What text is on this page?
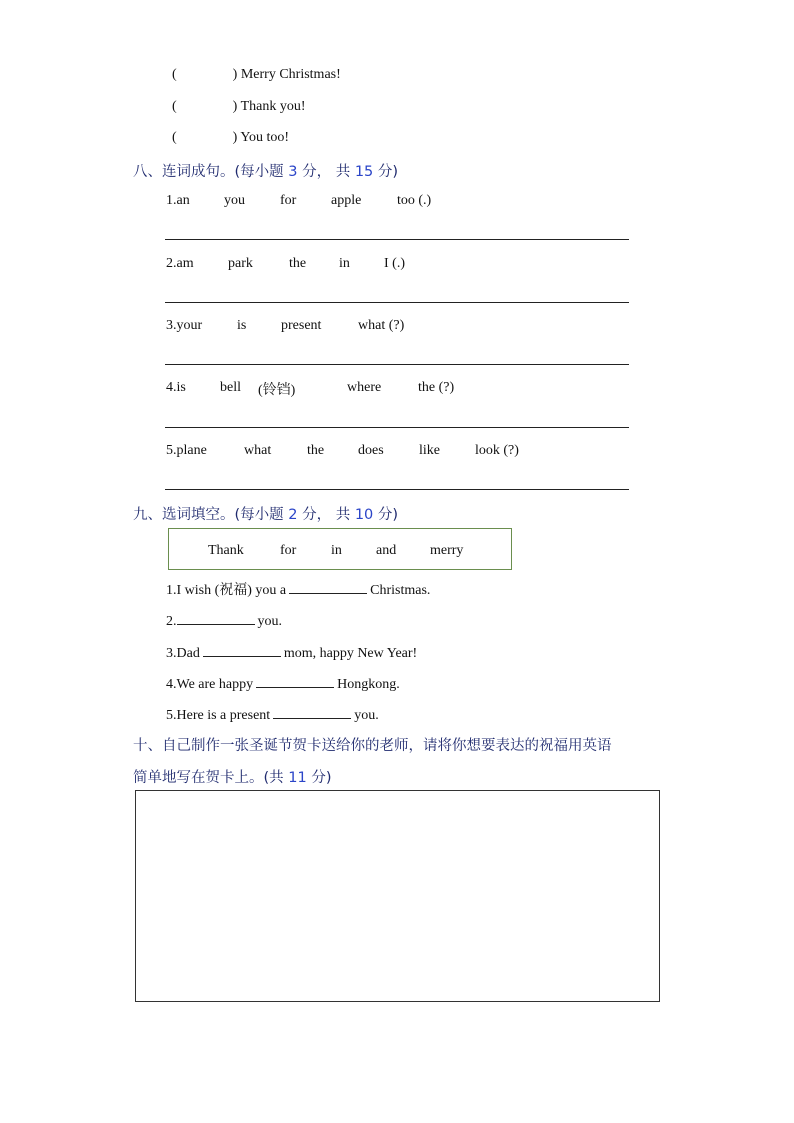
(	) Merry Christmas!
(	) Thank you!
(	) You too!
八、连词成句。(每小题 3 分， 共 15 分)
1.an you	for apple	too (.)
2.am park	the in I (.)
3.your is present	what (?)
4.is bell (铃铛)	where	the (?)
5.plane	what	the does	like	look (?)
九、选词填空。(每小题 2 分， 共 10 分)
Thank	for in and merry
1.I wish (祝福) you a	Christmas.
2.	you.
3.Dad	mom, happy New Year!
4.We are happy	Hongkong.
5.Here is a present	you.
十、自己制作一张圣诞节贺卡送给你的老师，请将你想要表达的祝福用英语
简单地写在贺卡上。(共 11 分)
